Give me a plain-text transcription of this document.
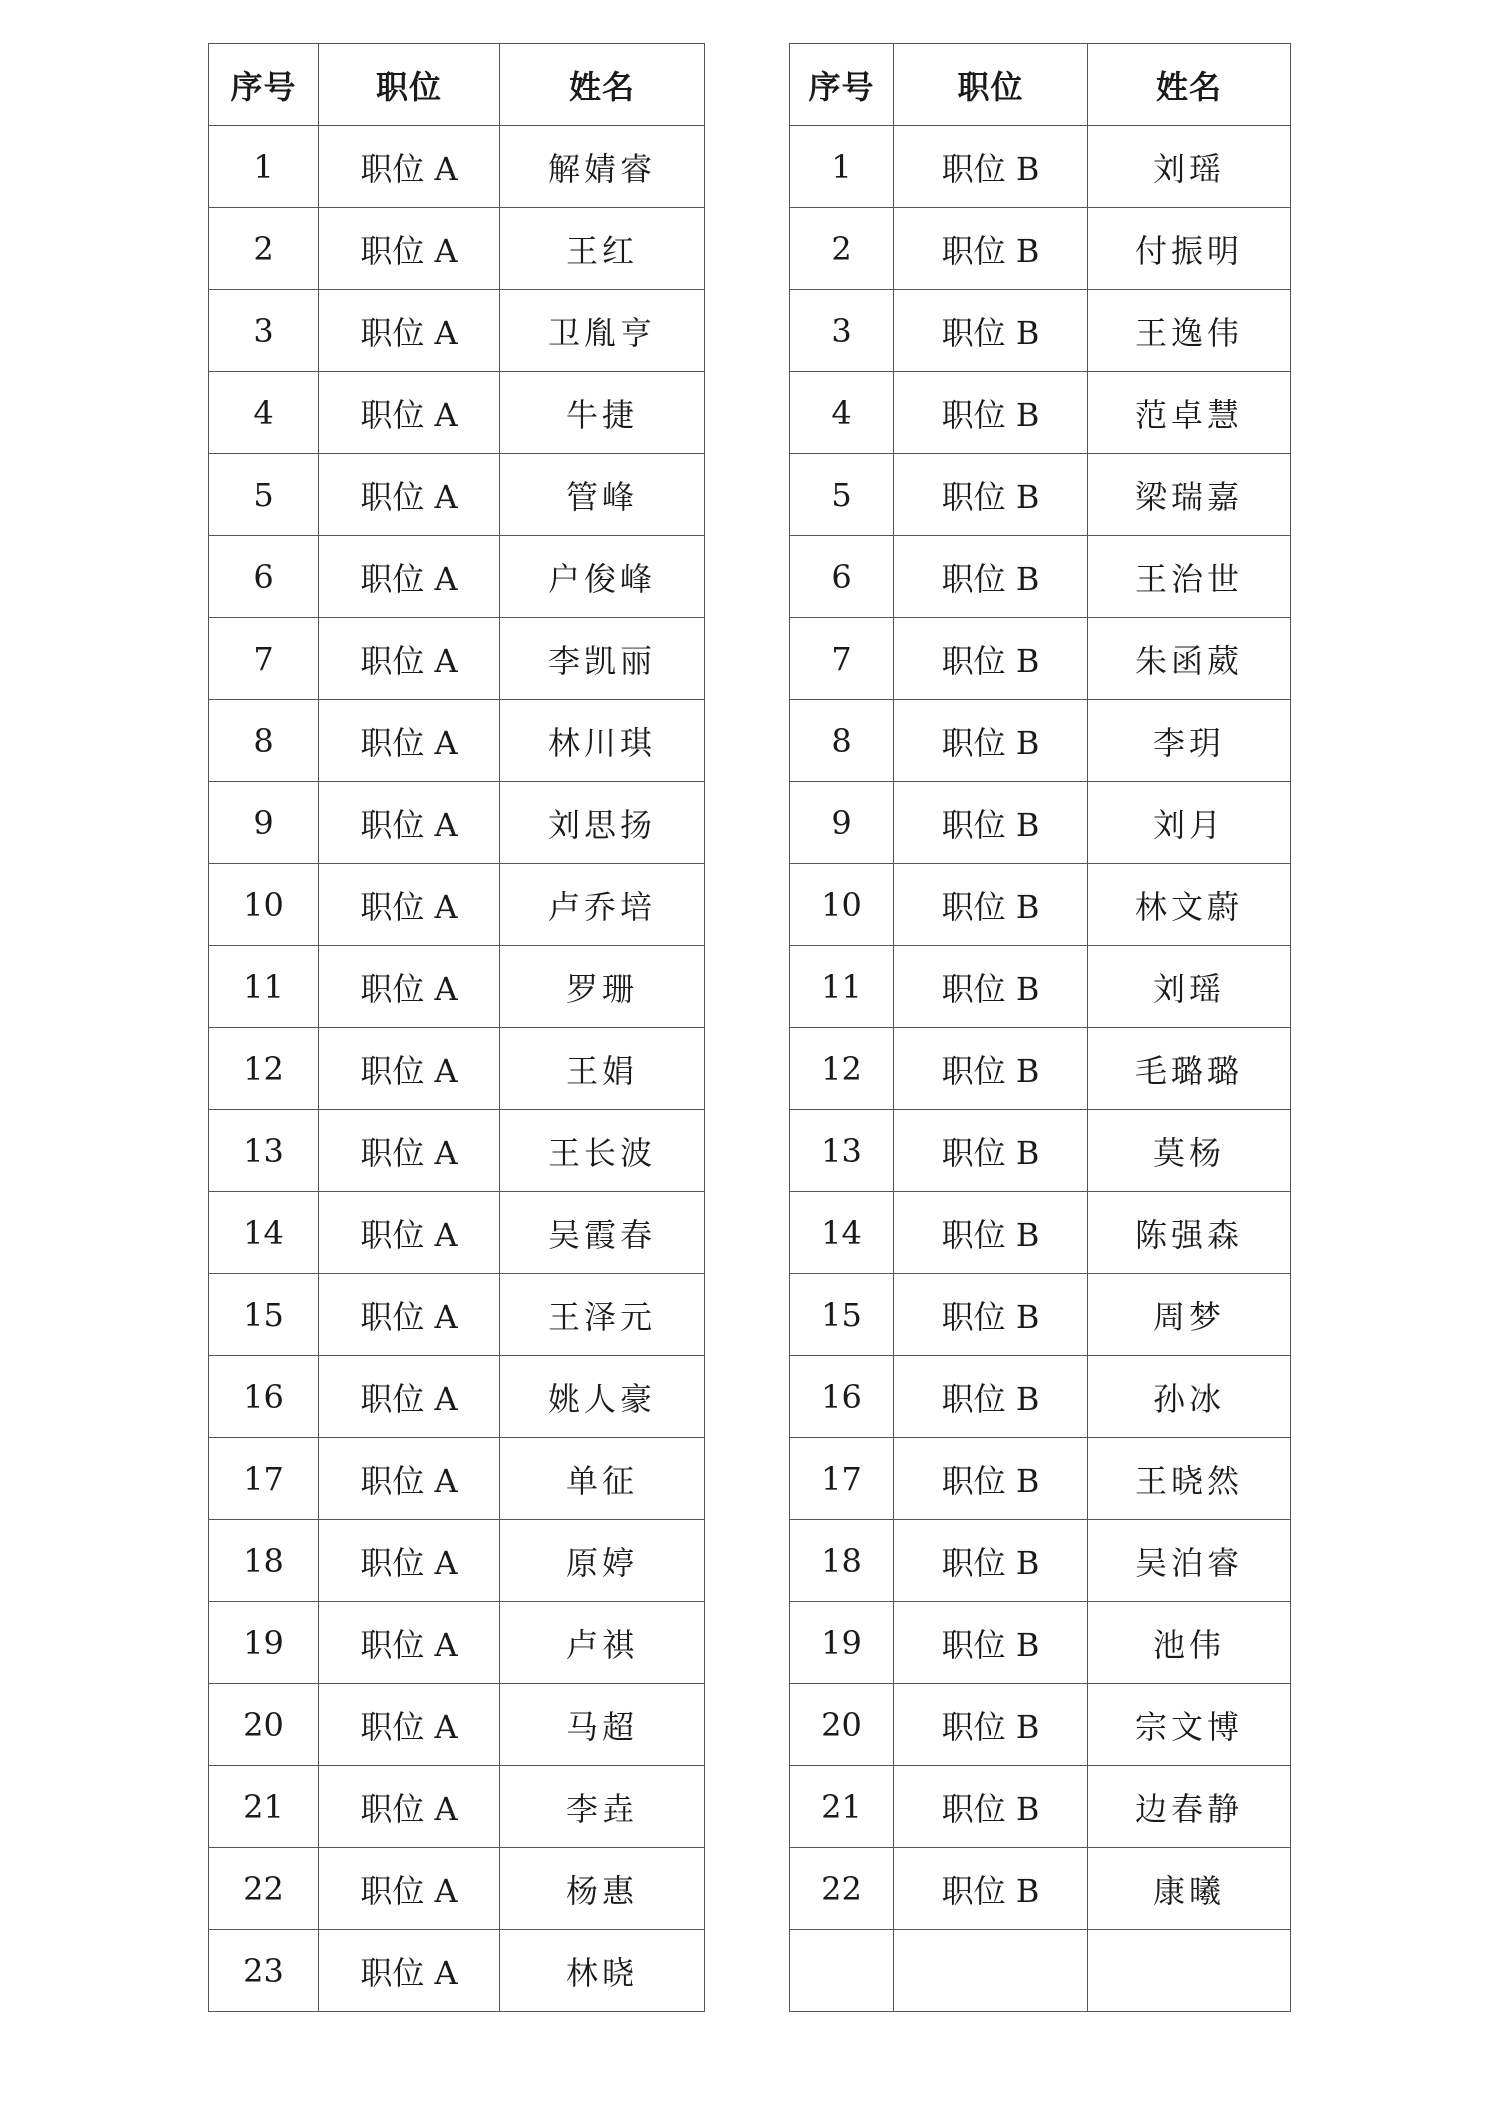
序号	职位	姓名
1	职位 A	解婧睿
2	职位 A	王红
3	职位 A	卫胤亨
4	职位 A	牛捷
5	职位 A	管峰
6	职位 A	户俊峰
7	职位 A	李凯丽
8	职位 A	林川琪
9	职位 A	刘思扬
10	职位 A	卢乔培
11	职位 A	罗珊
12	职位 A	王娟
13	职位 A	王长波
14	职位 A	吴霞春
15	职位 A	王泽元
16	职位 A	姚人豪
17	职位 A	单征
18	职位 A	原婷
19	职位 A	卢祺
20	职位 A	马超
21	职位 A	李垚
22	职位 A	杨惠
23	职位 A	林晓
序号	职位	姓名
1	职位 B	刘瑶
2	职位 B	付振明
3	职位 B	王逸伟
4	职位 B	范卓慧
5	职位 B	梁瑞嘉
6	职位 B	王治世
7	职位 B	朱函葳
8	职位 B	李玥
9	职位 B	刘月
10	职位 B	林文蔚
11	职位 B	刘瑶
12	职位 B	毛璐璐
13	职位 B	莫杨
14	职位 B	陈强森
15	职位 B	周梦
16	职位 B	孙冰
17	职位 B	王晓然
18	职位 B	吴泊睿
19	职位 B	池伟
20	职位 B	宗文博
21	职位 B	边春静
22	职位 B	康曦
